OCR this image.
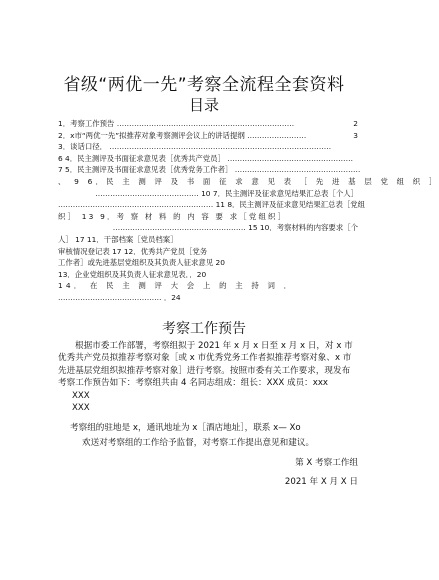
省级“两优一先”考察全流程全套资料
目录
2
1．考察工作预告 ………………………………………………………………
3
2．x市“两优一先”拟推荐对象考察测评会议上的讲话提纲 ……………………
3．谈话口径． ………………………………………………………………………………
6 4．民主测评及书面征求意见表［优秀共产党员］ ……………………………………………
7 5．民主测评及书面征求意见表［优秀党务工作者］ ……………………………………………
、 9 6．民 主 测 评 及 书 面 征 求 意 见 表 ［ 先 进 基 层 党 组 织 ］
…………………………………… 10 7．民主测评及征求意见结果汇总表［个人］
……………………………………………………… 11 8．民主测评及征求意见结果汇总表［党组
织］ 13 9．考 察 材 料 的 内 容 要 求［党组织］
……………………………………………… 15 10．考察材料的内容要求［个
人］ 17 11．干部档案［党员档案］
审核情况登记表 17 12．优秀共产党员［党务
工作者］或先进基层党组织及其负责人征求意见 20
13．企业党组织及其负责人征求意见表．．20
14． 在 民 主 测 评 大 会 上 的 主 持 词 ．
…………………………………… ．24
考察工作预告

根据市委工作部署，考察组拟于 2021 年 x 月 x 日至 x 月 x 日，对 x 市优秀共产党员拟推荐考察对象［或 x 市优秀党务工作者拟推荐考察对象、x 市先进基层党组织拟推荐考察对象］进行考察。按照市委有关工作要求，现发布考察工作预告如下：考察组共由 4 名同志组成：组长：XXX 成员：xxx

XXX

XXX

考察组的驻地是 x，通讯地址为 x［酒店地址］，联系 x— Xo

欢送对考察组的工作给予监督，对考察工作提出意见和建议。

第 X 考察工作组

2021 年 X 月 X 日
